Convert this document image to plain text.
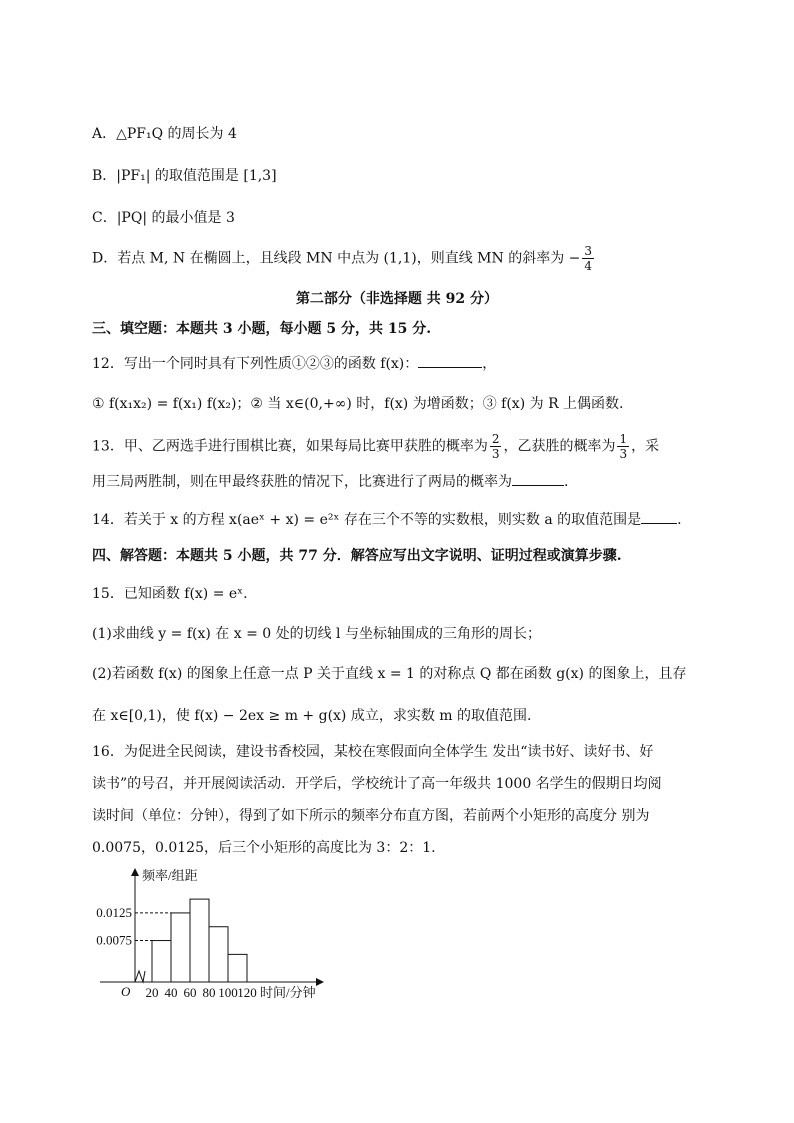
A．△PF₁Q 的周长为 4
B．|PF₁| 的取值范围是 [1,3]
C．|PQ| 的最小值是 3
D．若点 M, N 在椭圆上，且线段 MN 中点为 (1,1)，则直线 MN 的斜率为 − $\frac{3}{4}$
第二部分（非选择题 共 92 分）
三、填空题：本题共 3 小题，每小题 5 分，共 15 分.
12．写出一个同时具有下列性质①②③的函数 f(x)：	，
① f(x₁x₂) = f(x₁) f(x₂)；② 当 x∈(0,+∞) 时，f(x) 为增函数；③ f(x) 为 R 上偶函数.
13．甲、乙两选手进行围棋比赛，如果每局比赛甲获胜的概率为 $\frac{2}{3}$ ，乙获胜的概率为 $\frac{1}{3}$ ，采
用三局两胜制，则在甲最终获胜的情况下，比赛进行了两局的概率为	.
14．若关于 x 的方程 x(aeˣ + x) = e²ˣ 存在三个不等的实数根，则实数 a 的取值范围是	.
四、解答题：本题共 5 小题，共 77 分．解答应写出文字说明、证明过程或演算步骤.
15．已知函数 f(x) = eˣ.
(1)求曲线 y = f(x) 在 x = 0 处的切线 l 与坐标轴围成的三角形的周长；
(2)若函数 f(x) 的图象上任意一点 P 关于直线 x = 1 的对称点 Q 都在函数 g(x) 的图象上，且存
在 x∈[0,1)，使 f(x) − 2ex ≥ m + g(x) 成立，求实数 m 的取值范围.
16．为促进全民阅读，建设书香校园，某校在寒假面向全体学生 发出“读书好、读好书、好
读书”的号召，并开展阅读活动．开学后，学校统计了高一年级共 1000 名学生的假期日均阅
读时间（单位：分钟），得到了如下所示的频率分布直方图，若前两个小矩形的高度分 别为
0.0075，0.0125，后三个小矩形的高度比为 3：2：1.
0.0125
0.0075
20 40 60 80 100 120
频率/组距
时间/分钟
O
